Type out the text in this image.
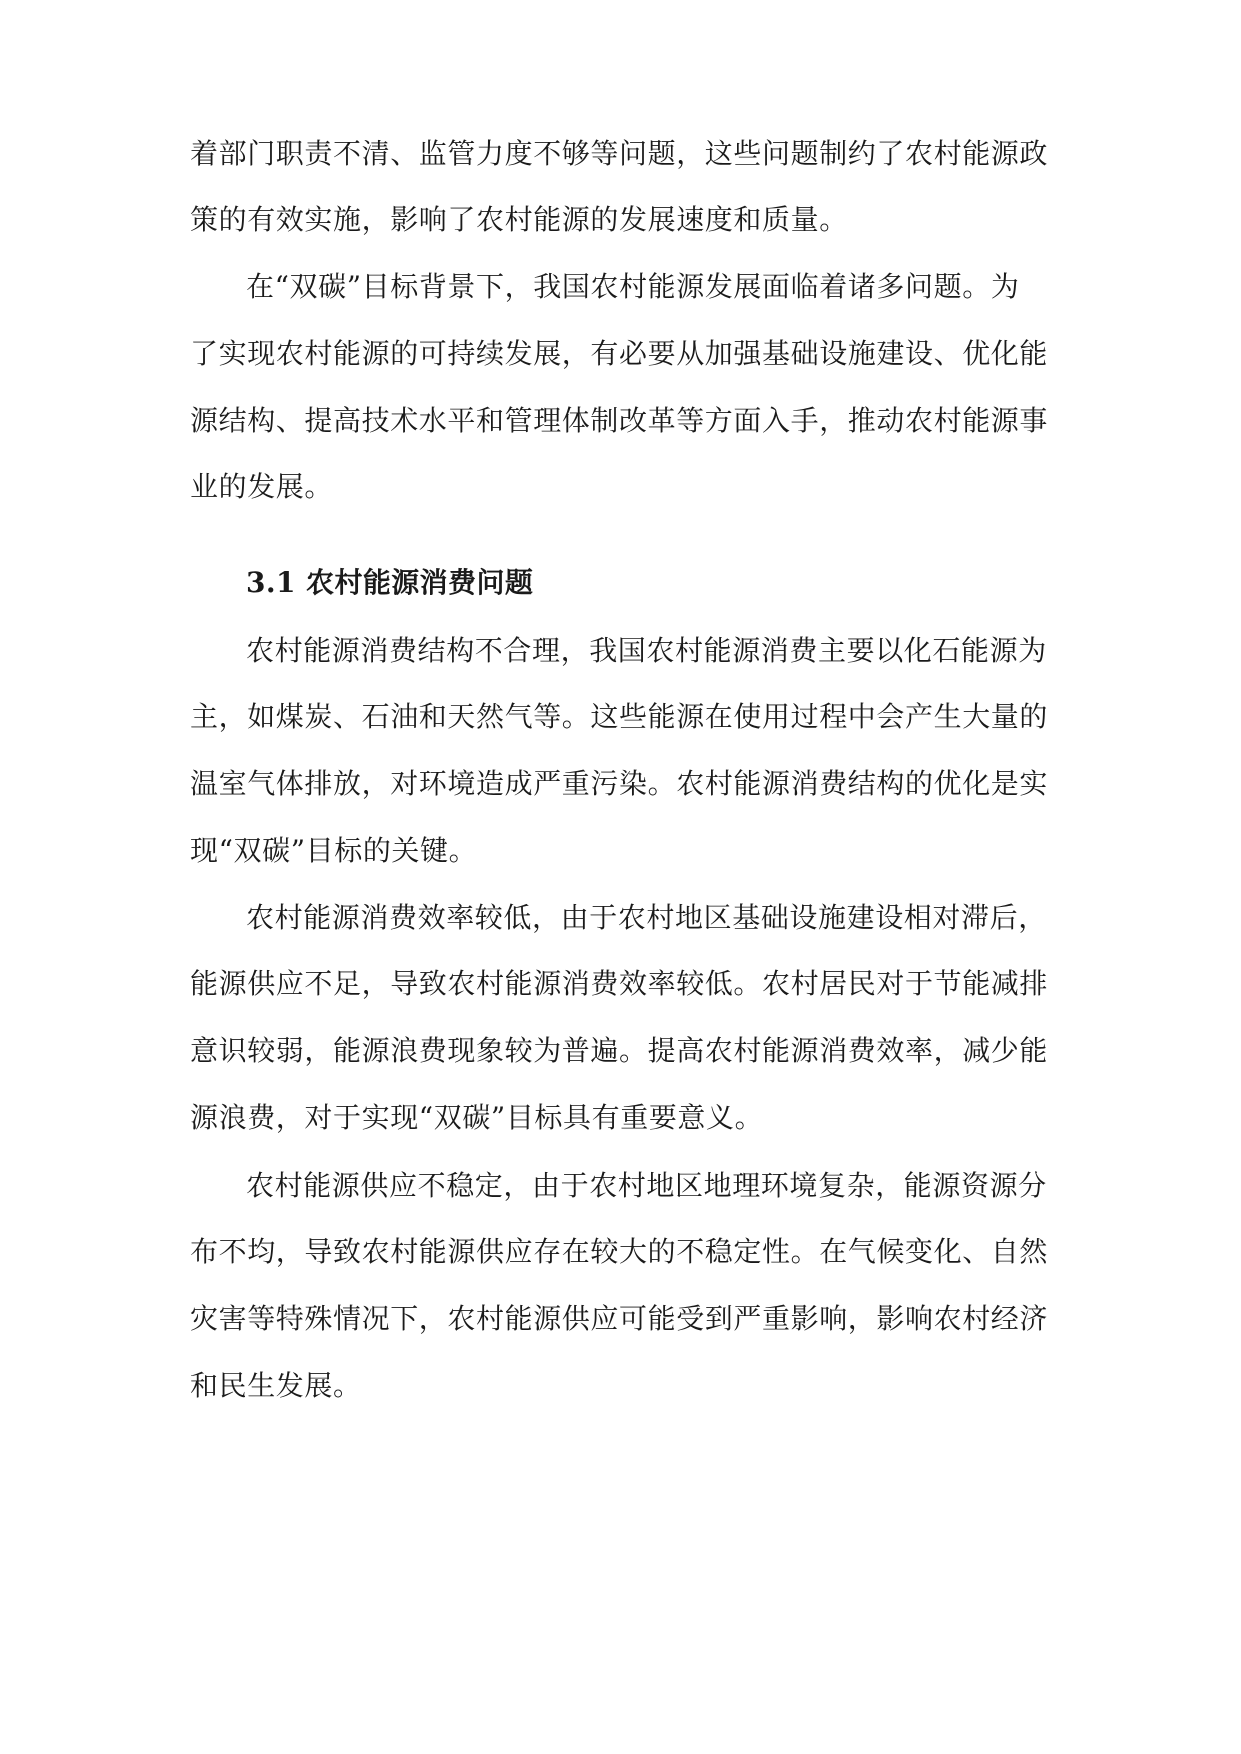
着部门职责不清、监管力度不够等问题，这些问题制约了农村能源政
策的有效实施，影响了农村能源的发展速度和质量。
在“双碳”目标背景下，我国农村能源发展面临着诸多问题。为
了实现农村能源的可持续发展，有必要从加强基础设施建设、优化能
源结构、提高技术水平和管理体制改革等方面入手，推动农村能源事
业的发展。
3.1 农村能源消费问题
农村能源消费结构不合理，我国农村能源消费主要以化石能源为
主，如煤炭、石油和天然气等。这些能源在使用过程中会产生大量的
温室气体排放，对环境造成严重污染。农村能源消费结构的优化是实
现“双碳”目标的关键。
农村能源消费效率较低，由于农村地区基础设施建设相对滞后，
能源供应不足，导致农村能源消费效率较低。农村居民对于节能减排
意识较弱，能源浪费现象较为普遍。提高农村能源消费效率，减少能
源浪费，对于实现“双碳”目标具有重要意义。
农村能源供应不稳定，由于农村地区地理环境复杂，能源资源分
布不均，导致农村能源供应存在较大的不稳定性。在气候变化、自然
灾害等特殊情况下，农村能源供应可能受到严重影响，影响农村经济
和民生发展。
